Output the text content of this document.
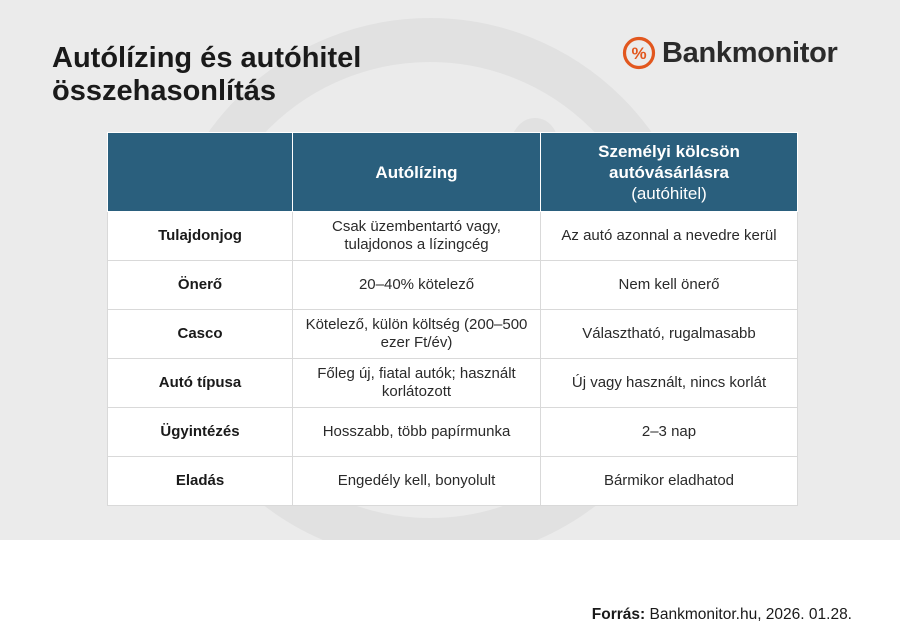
Autólízing és autóhitel összehasonlítás
% Bankmonitor
	Autólízing	Személyi kölcsön autóvásárlásra
(autóhitel)

Tulajdonjog	Csak üzembentartó vagy, tulajdonos a lízingcég	Az autó azonnal a nevedre kerül
Önerő	20–40% kötelező	Nem kell önerő
Casco	Kötelező, külön költség (200–500 ezer Ft/év)	Választható, rugalmasabb
Autó típusa	Főleg új, fiatal autók; használt korlátozott	Új vagy használt, nincs korlát
Ügyintézés	Hosszabb, több papírmunka	2–3 nap
Eladás	Engedély kell, bonyolult	Bármikor eladhatod
Forrás: Bankmonitor.hu, 2026. 01.28.
